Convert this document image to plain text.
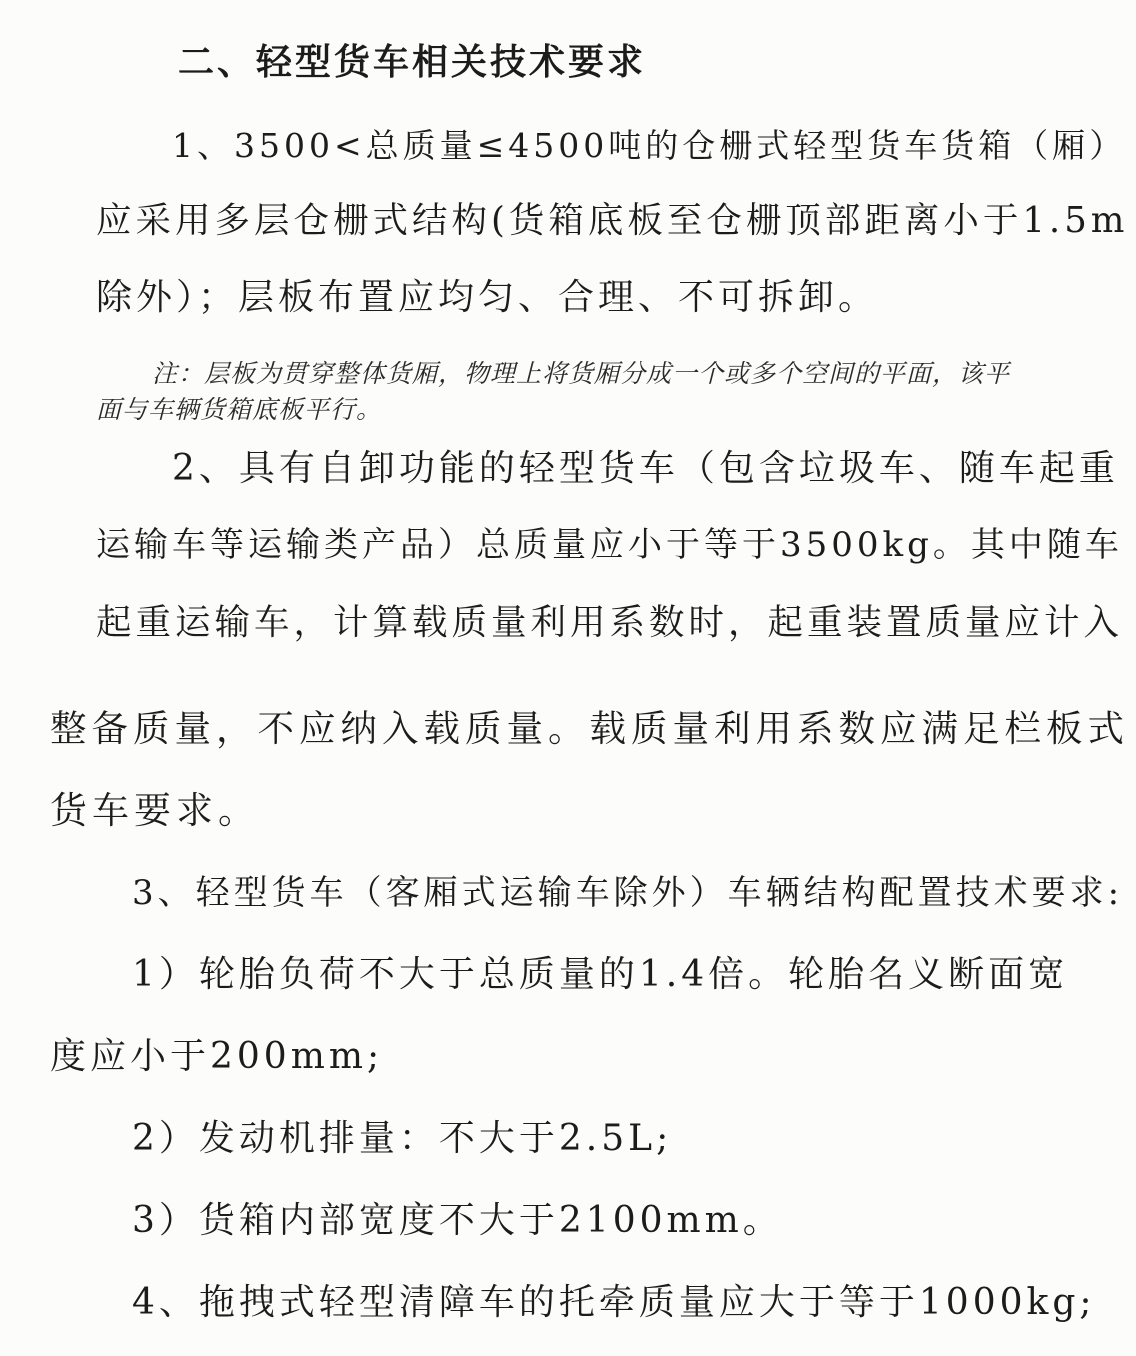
二、轻型货车相关技术要求
1、3500<总质量≤4500吨的仓栅式轻型货车货箱（厢）
应采用多层仓栅式结构(货箱底板至仓栅顶部距离小于1.5m
除外）；层板布置应均匀、合理、不可拆卸。
注：层板为贯穿整体货厢，物理上将货厢分成一个或多个空间的平面，该平
面与车辆货箱底板平行。
2、具有自卸功能的轻型货车（包含垃圾车、随车起重
运输车等运输类产品）总质量应小于等于3500kg。其中随车
起重运输车，计算载质量利用系数时，起重装置质量应计入
整备质量，不应纳入载质量。载质量利用系数应满足栏板式
货车要求。
3、轻型货车（客厢式运输车除外）车辆结构配置技术要求:
1）轮胎负荷不大于总质量的1.4倍。轮胎名义断面宽
度应小于200mm;
2）发动机排量：不大于2.5L;
3）货箱内部宽度不大于2100mm。
4、拖拽式轻型清障车的托牵质量应大于等于1000kg;
